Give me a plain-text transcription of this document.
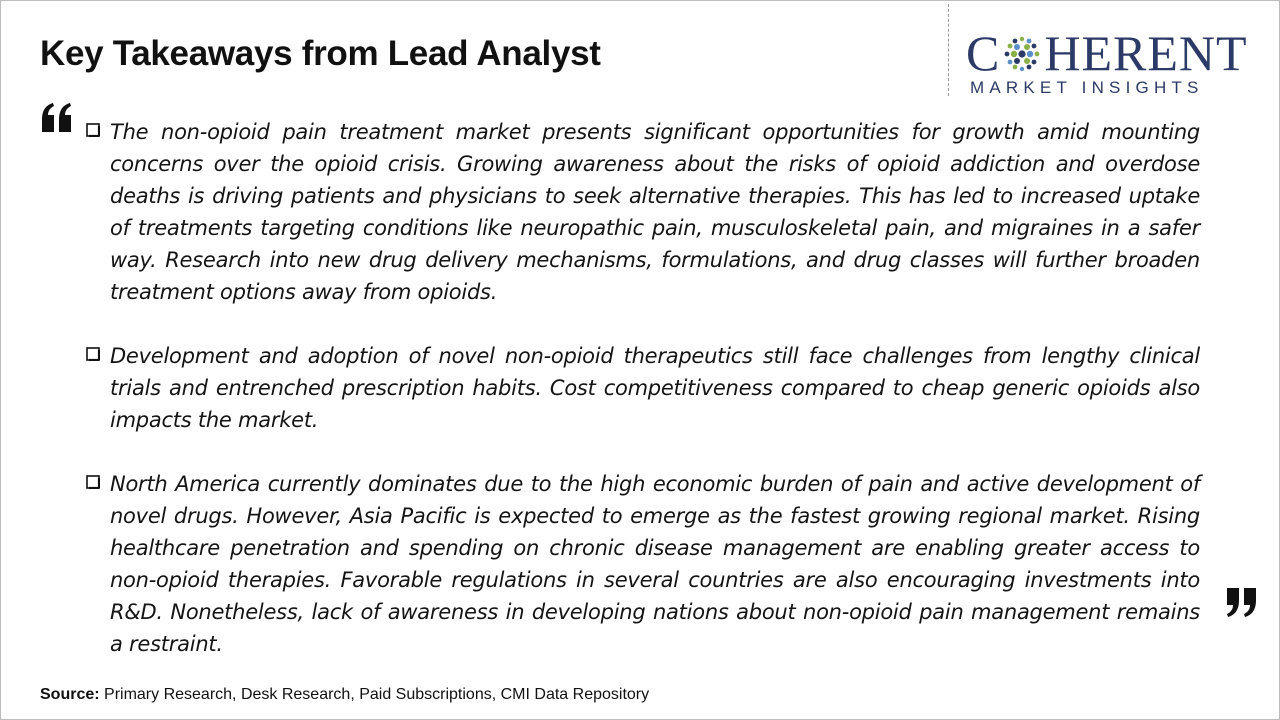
Key Takeaways from Lead Analyst	C HERENT
MARKET INSIGHTS

The non-opioid pain treatment market presents significant opportunities for growth amid mounting concerns over the opioid crisis. Growing awareness about the risks of opioid addiction and overdose deaths is driving patients and physicians to seek alternative therapies. This has led to increased uptake of treatments targeting conditions like neuropathic pain, musculoskeletal pain, and migraines in a safer way. Research into new drug delivery mechanisms, formulations, and drug classes will further broaden treatment options away from opioids.

Development and adoption of novel non-opioid therapeutics still face challenges from lengthy clinical trials and entrenched prescription habits. Cost competitiveness compared to cheap generic opioids also impacts the market.

North America currently dominates due to the high economic burden of pain and active development of novel drugs. However, Asia Pacific is expected to emerge as the fastest growing regional market. Rising healthcare penetration and spending on chronic disease management are enabling greater access to non-opioid therapies. Favorable regulations in several countries are also encouraging investments into R&D. Nonetheless, lack of awareness in developing nations about non-opioid pain management remains a restraint.

Source: Primary Research, Desk Research, Paid Subscriptions, CMI Data Repository
